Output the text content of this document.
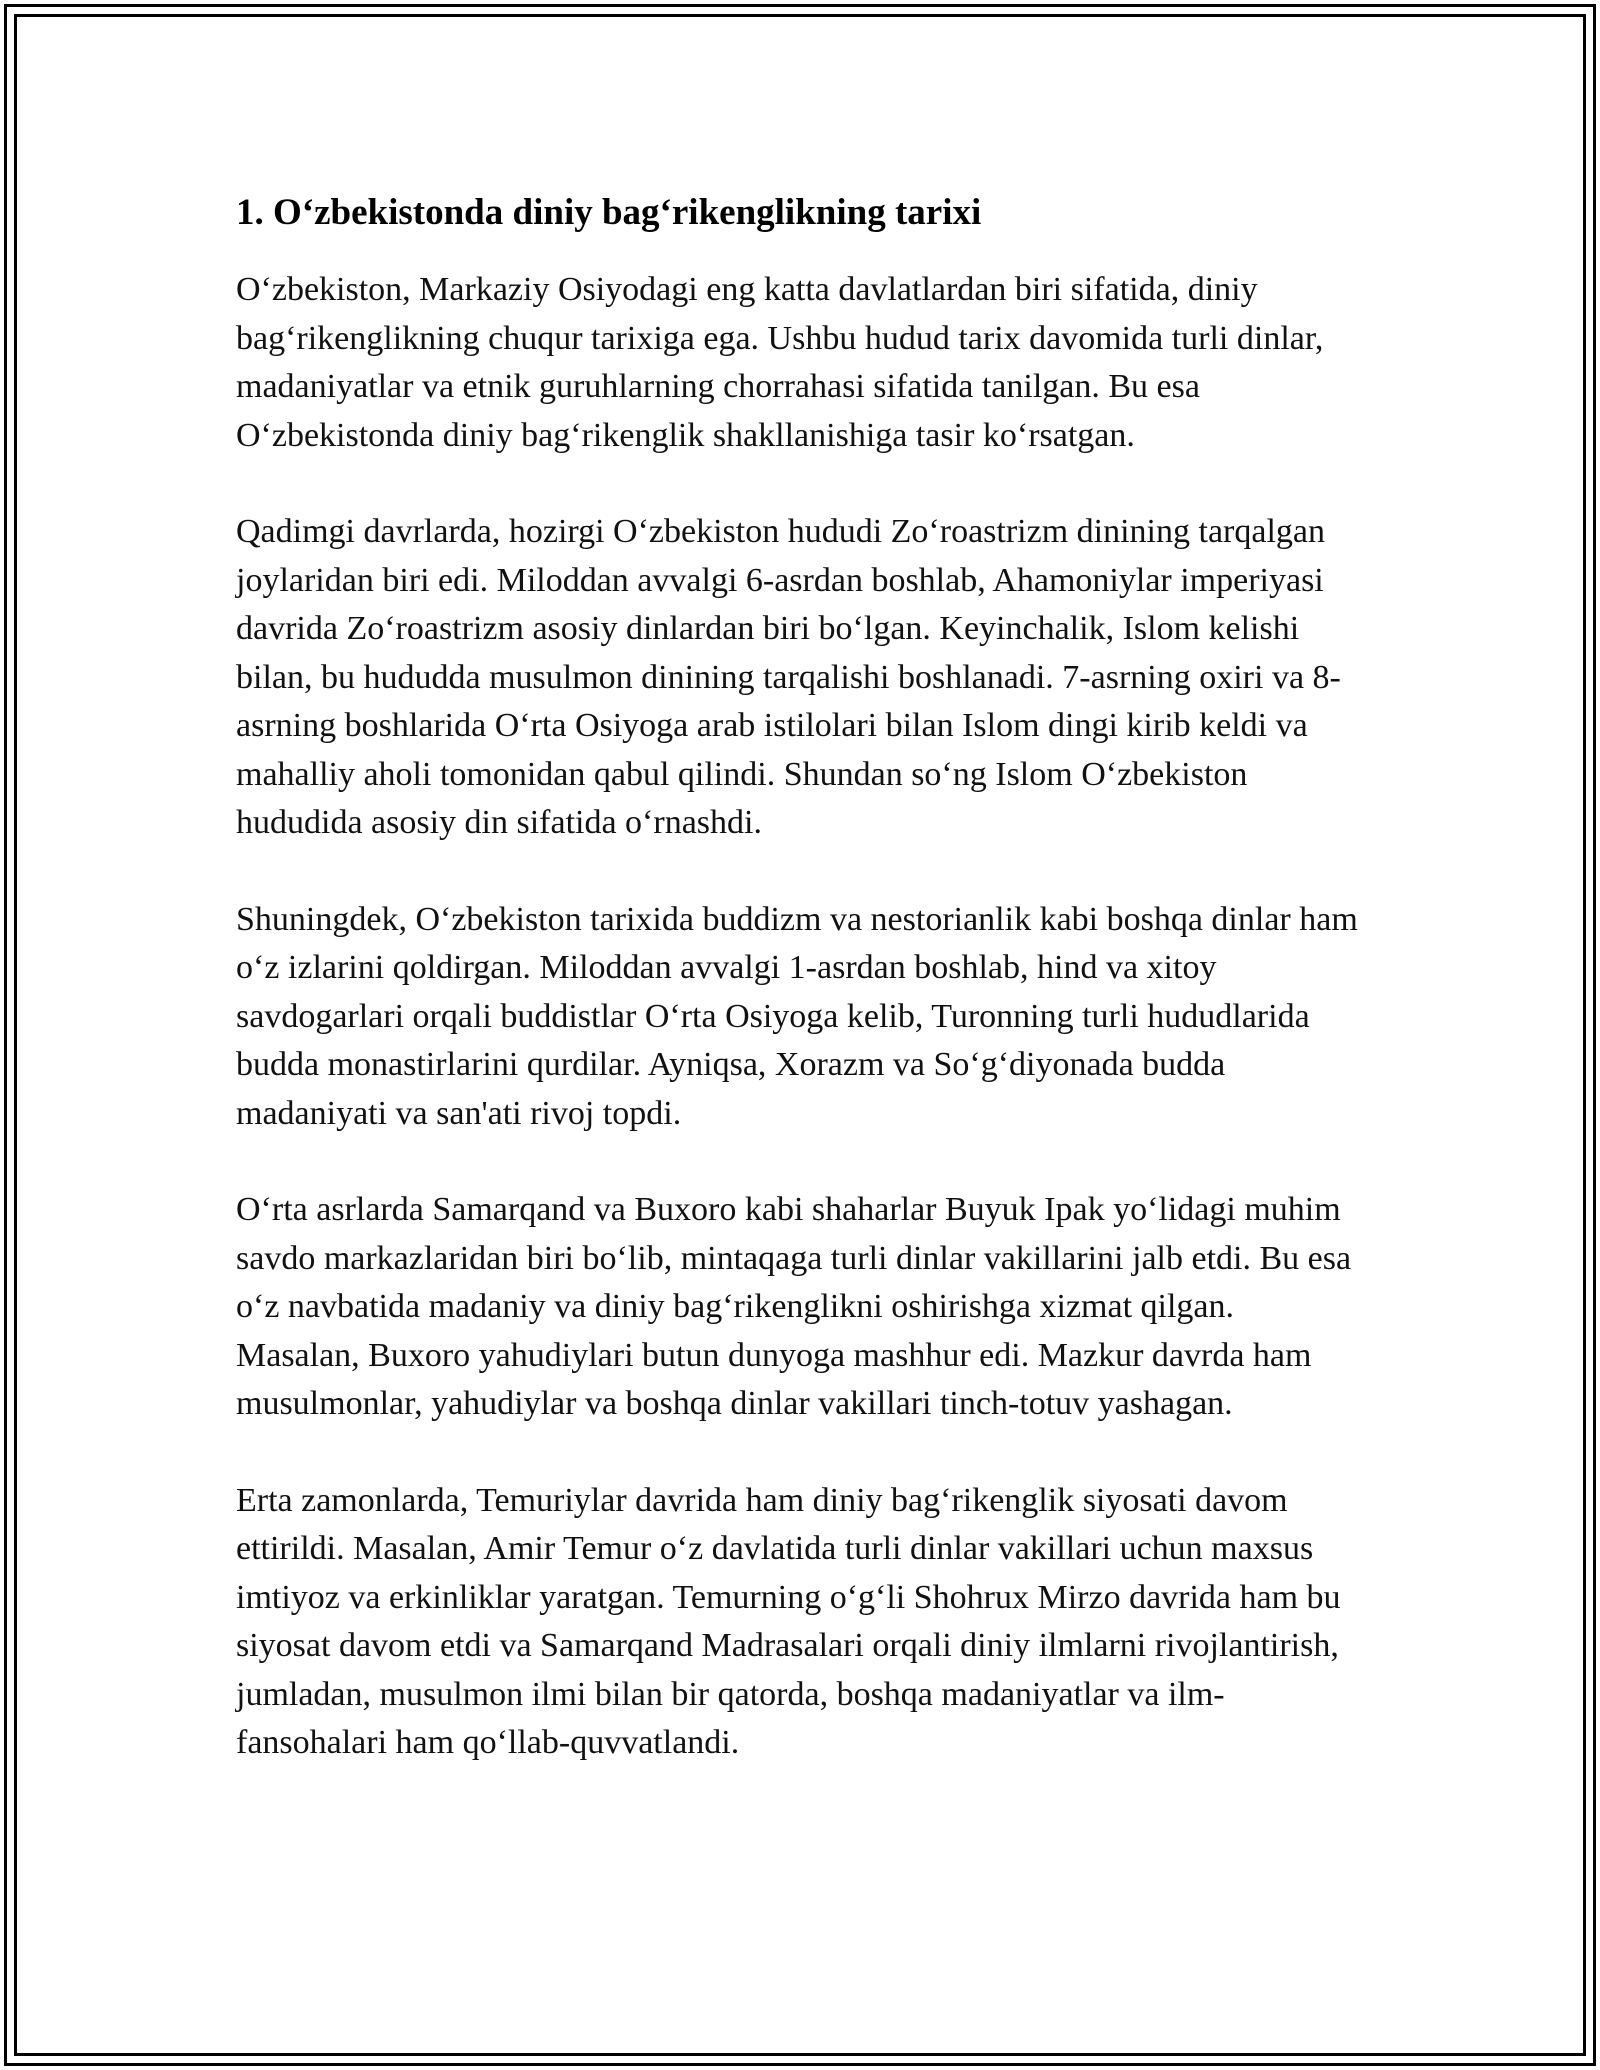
1. O‘zbekistonda diniy bag‘rikenglikning tarixi

O‘zbekiston, Markaziy Osiyodagi eng katta davlatlardan biri sifatida, diniy bag‘rikenglikning chuqur tarixiga ega. Ushbu hudud tarix davomida turli dinlar, madaniyatlar va etnik guruhlarning chorrahasi sifatida tanilgan. Bu esa O‘zbekistonda diniy bag‘rikenglik shakllanishiga tasir ko‘rsatgan.

Qadimgi davrlarda, hozirgi O‘zbekiston hududi Zo‘roastrizm dinining tarqalgan joylaridan biri edi. Miloddan avvalgi 6-asrdan boshlab, Ahamoniylar imperiyasi davrida Zo‘roastrizm asosiy dinlardan biri bo‘lgan. Keyinchalik, Islom kelishi bilan, bu hududda musulmon dinining tarqalishi boshlanadi. 7-asrning oxiri va 8-asrning boshlarida O‘rta Osiyoga arab istilolari bilan Islom dingi kirib keldi va mahalliy aholi tomonidan qabul qilindi. Shundan so‘ng Islom O‘zbekiston hududida asosiy din sifatida o‘rnashdi.

Shuningdek, O‘zbekiston tarixida buddizm va nestorianlik kabi boshqa dinlar ham o‘z izlarini qoldirgan. Miloddan avvalgi 1-asrdan boshlab, hind va xitoy savdogarlari orqali buddistlar O‘rta Osiyoga kelib, Turonning turli hududlarida budda monastirlarini qurdilar. Ayniqsa, Xorazm va So‘g‘diyonada budda madaniyati va san'ati rivoj topdi.

O‘rta asrlarda Samarqand va Buxoro kabi shaharlar Buyuk Ipak yo‘lidagi muhim savdo markazlaridan biri bo‘lib, mintaqaga turli dinlar vakillarini jalb etdi. Bu esa o‘z navbatida madaniy va diniy bag‘rikenglikni oshirishga xizmat qilgan. Masalan, Buxoro yahudiylari butun dunyoga mashhur edi. Mazkur davrda ham musulmonlar, yahudiylar va boshqa dinlar vakillari tinch-totuv yashagan.

Erta zamonlarda, Temuriylar davrida ham diniy bag‘rikenglik siyosati davom ettirildi. Masalan, Amir Temur o‘z davlatida turli dinlar vakillari uchun maxsus imtiyoz va erkinliklar yaratgan. Temurning o‘g‘li Shohrux Mirzo davrida ham bu siyosat davom etdi va Samarqand Madrasalari orqali diniy ilmlarni rivojlantirish, jumladan, musulmon ilmi bilan bir qatorda, boshqa madaniyatlar va ilm-fansohalari ham qo‘llab-quvvatlandi.
